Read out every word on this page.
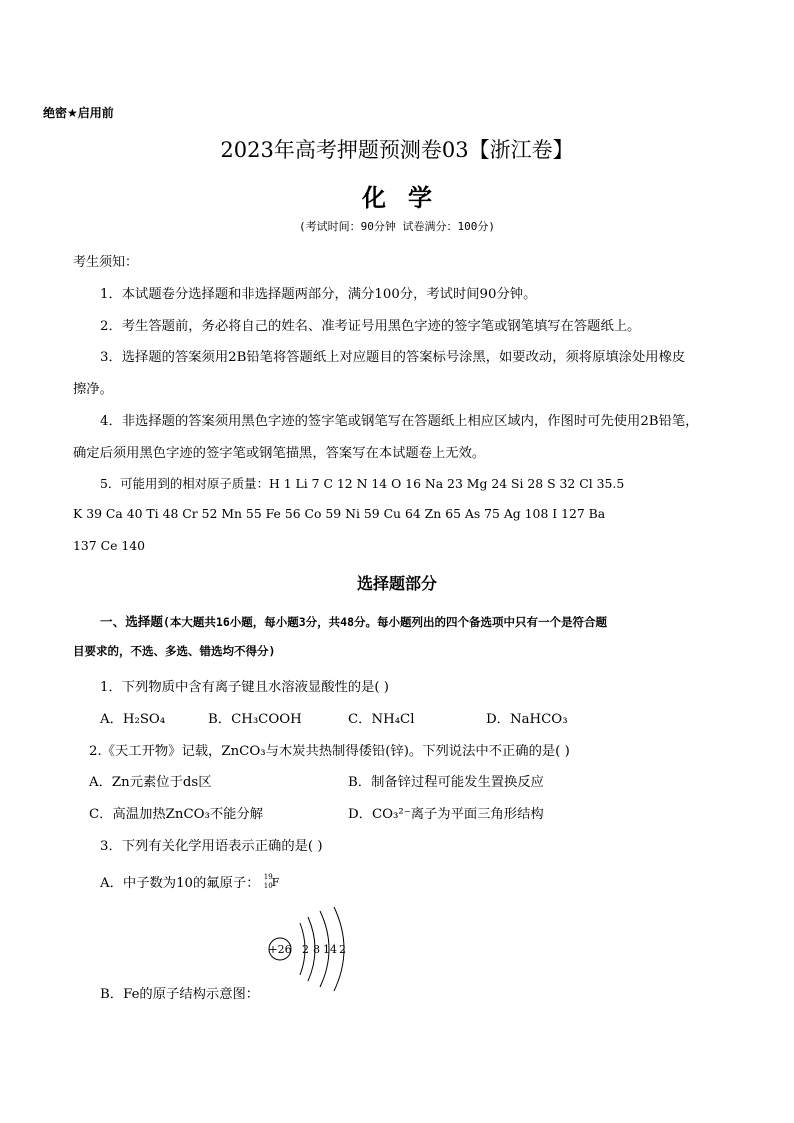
绝密★启用前
2023年高考押题预测卷03【浙江卷】
化学
(考试时间：90分钟 试卷满分：100分)
考生须知：
1．本试题卷分选择题和非选择题两部分，满分100分，考试时间90分钟。
2．考生答题前，务必将自己的姓名、准考证号用黑色字迹的签字笔或钢笔填写在答题纸上。
3．选择题的答案须用2B铅笔将答题纸上对应题目的答案标号涂黑，如要改动，须将原填涂处用橡皮
擦净。
4．非选择题的答案须用黑色字迹的签字笔或钢笔写在答题纸上相应区域内，作图时可先使用2B铅笔，
确定后须用黑色字迹的签字笔或钢笔描黑，答案写在本试题卷上无效。
5．可能用到的相对原子质量：H 1 Li 7 C 12 N 14 O 16 Na 23 Mg 24 Si 28 S 32 Cl 35.5
K 39 Ca 40 Ti 48 Cr 52 Mn 55 Fe 56 Co 59 Ni 59 Cu 64 Zn 65 As 75 Ag 108 I 127 Ba
137 Ce 140
选择题部分
一、选择题(本大题共16小题，每小题3分，共48分。每小题列出的四个备选项中只有一个是符合题
目要求的，不选、多选、错选均不得分)
1．下列物质中含有离子键且水溶液显酸性的是( )
A．H₂SO₄	B．CH₃COOH	C．NH₄Cl	D．NaHCO₃
2.《天工开物》记载，ZnCO₃与木炭共热制得倭铅(锌)。下列说法中不正确的是( )
A．Zn元素位于ds区	B．制备锌过程可能发生置换反应
C．高温加热ZnCO₃不能分解	D．CO₃²⁻离子为平面三角形结构
3．下列有关化学用语表示正确的是( )
A．中子数为10的氟原子： 19
10 F
+26 2 8 14 2
B．Fe的原子结构示意图：
